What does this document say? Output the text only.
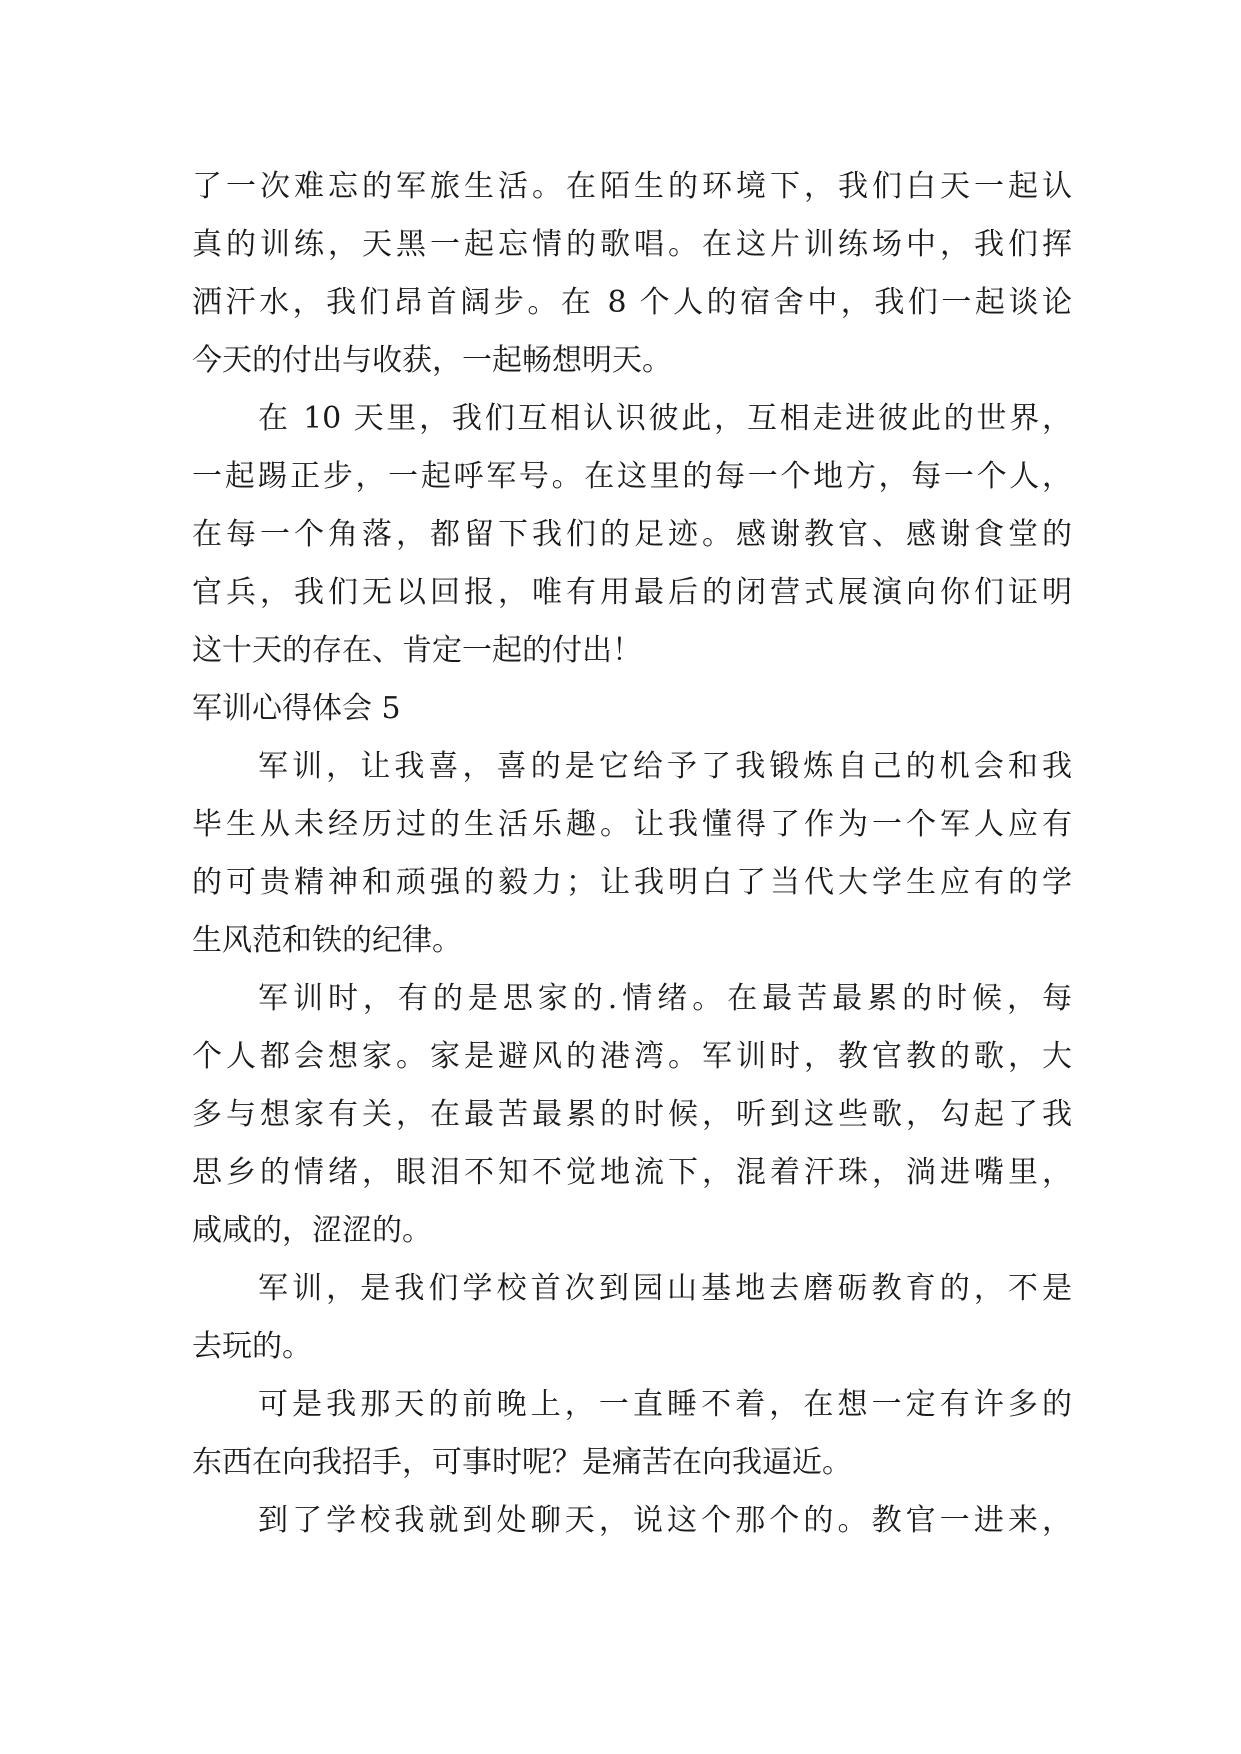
了一次难忘的军旅生活。在陌生的环境下，我们白天一起认
真的训练，天黑一起忘情的歌唱。在这片训练场中，我们挥
洒汗水，我们昂首阔步。在 8 个人的宿舍中，我们一起谈论
今天的付出与收获，一起畅想明天。
在 10 天里，我们互相认识彼此，互相走进彼此的世界，
一起踢正步，一起呼军号。在这里的每一个地方，每一个人，
在每一个角落，都留下我们的足迹。感谢教官、感谢食堂的
官兵，我们无以回报，唯有用最后的闭营式展演向你们证明
这十天的存在、肯定一起的付出！
军训心得体会 5
军训，让我喜，喜的是它给予了我锻炼自己的机会和我
毕生从未经历过的生活乐趣。让我懂得了作为一个军人应有
的可贵精神和顽强的毅力；让我明白了当代大学生应有的学
生风范和铁的纪律。
军训时，有的是思家的.情绪。在最苦最累的时候，每
个人都会想家。家是避风的港湾。军训时，教官教的歌，大
多与想家有关，在最苦最累的时候，听到这些歌，勾起了我
思乡的情绪，眼泪不知不觉地流下，混着汗珠，淌进嘴里，
咸咸的，涩涩的。
军训，是我们学校首次到园山基地去磨砺教育的，不是
去玩的。
可是我那天的前晚上，一直睡不着，在想一定有许多的
东西在向我招手，可事时呢？是痛苦在向我逼近。
到了学校我就到处聊天，说这个那个的。教官一进来，
